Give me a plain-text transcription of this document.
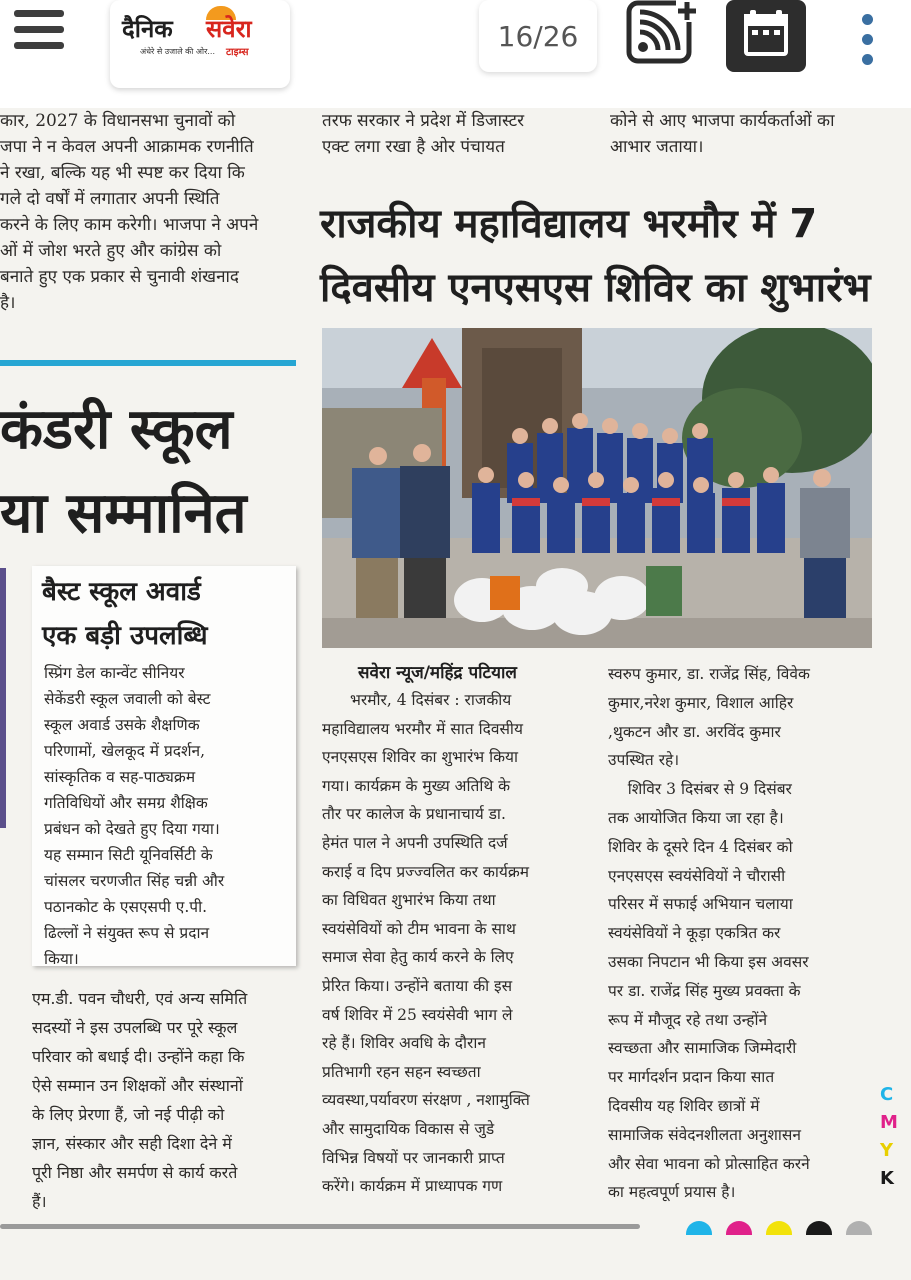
दैनिक सवेरा
अंधेरे से उजाले की ओर... टाइम्स	16/26
कार, 2027 के विधानसभा चुनावों को
जपा ने न केवल अपनी आक्रामक रणनीति
ने रखा, बल्कि यह भी स्पष्ट कर दिया कि
गले दो वर्षों में लगातार अपनी स्थिति
करने के लिए काम करेगी। भाजपा ने अपने
ओं में जोश भरते हुए और कांग्रेस को
बनाते हुए एक प्रकार से चुनावी शंखनाद
है।
तरफ सरकार ने प्रदेश में डिजास्टर
एक्ट लगा रखा है ओर पंचायत
कोने से आए भाजपा कार्यकर्ताओं का
आभार जताया।
राजकीय महाविद्यालय भरमौर में 7
दिवसीय एनएसएस शिविर का शुभारंभ
कंडरी स्कूल
या सम्मानित
बैस्ट स्कूल अवार्ड
एक बड़ी उपलब्धि
स्प्रिंग डेल कान्वेंट सीनियर
सेकेंडरी स्कूल जवाली को बेस्ट
स्कूल अवार्ड उसके शैक्षणिक
परिणामों, खेलकूद में प्रदर्शन,
सांस्कृतिक व सह-पाठ्यक्रम
गतिविधियों और समग्र शैक्षिक
प्रबंधन को देखते हुए दिया गया।
यह सम्मान सिटी यूनिवर्सिटी के
चांसलर चरणजीत सिंह चन्नी और
पठानकोट के एसएसपी ए.पी.
ढिल्लों ने संयुक्त रूप से प्रदान
किया।
एम.डी. पवन चौधरी, एवं अन्य समिति
सदस्यों ने इस उपलब्धि पर पूरे स्कूल
परिवार को बधाई दी। उन्होंने कहा कि
ऐसे सम्मान उन शिक्षकों और संस्थानों
के लिए प्रेरणा हैं, जो नई पीढ़ी को
ज्ञान, संस्कार और सही दिशा देने में
पूरी निष्ठा और समर्पण से कार्य करते
हैं।
सवेरा न्यूज/महिंद्र पटियाल
भरमौर, 4 दिसंबर : राजकीय
महाविद्यालय भरमौर में सात दिवसीय
एनएसएस शिविर का शुभारंभ किया
गया। कार्यक्रम के मुख्य अतिथि के
तौर पर कालेज के प्रधानाचार्य डा.
हेमंत पाल ने अपनी उपस्थिति दर्ज
कराई व दिप प्रज्ज्वलित कर कार्यक्रम
का विधिवत शुभारंभ किया तथा
स्वयंसेवियों को टीम भावना के साथ
समाज सेवा हेतु कार्य करने के लिए
प्रेरित किया। उन्होंने बताया की इस
वर्ष शिविर में 25 स्वयंसेवी भाग ले
रहे हैं। शिविर अवधि के दौरान
प्रतिभागी रहन सहन स्वच्छता
व्यवस्था,पर्यावरण संरक्षण , नशामुक्ति
और सामुदायिक विकास से जुडे
विभिन्न विषयों पर जानकारी प्राप्त
करेंगे। कार्यक्रम में प्राध्यापक गण
स्वरुप कुमार, डा. राजेंद्र सिंह, विवेक
कुमार,नरेश कुमार, विशाल आहिर
,थुकटन और डा. अरविंद कुमार
उपस्थित रहे।
शिविर 3 दिसंबर से 9 दिसंबर
तक आयोजित किया जा रहा है।
शिविर के दूसरे दिन 4 दिसंबर को
एनएसएस स्वयंसेवियों ने चौरासी
परिसर में सफाई अभियान चलाया
स्वयंसेवियों ने कूड़ा एकत्रित कर
उसका निपटान भी किया इस अवसर
पर डा. राजेंद्र सिंह मुख्य प्रवक्ता के
रूप में मौजूद रहे तथा उन्होंने
स्वच्छता और सामाजिक जिम्मेदारी
पर मार्गदर्शन प्रदान किया सात
दिवसीय यह शिविर छात्रों में
सामाजिक संवेदनशीलता अनुशासन
और सेवा भावना को प्रोत्साहित करने
का महत्वपूर्ण प्रयास है।
C
M
Y
K
